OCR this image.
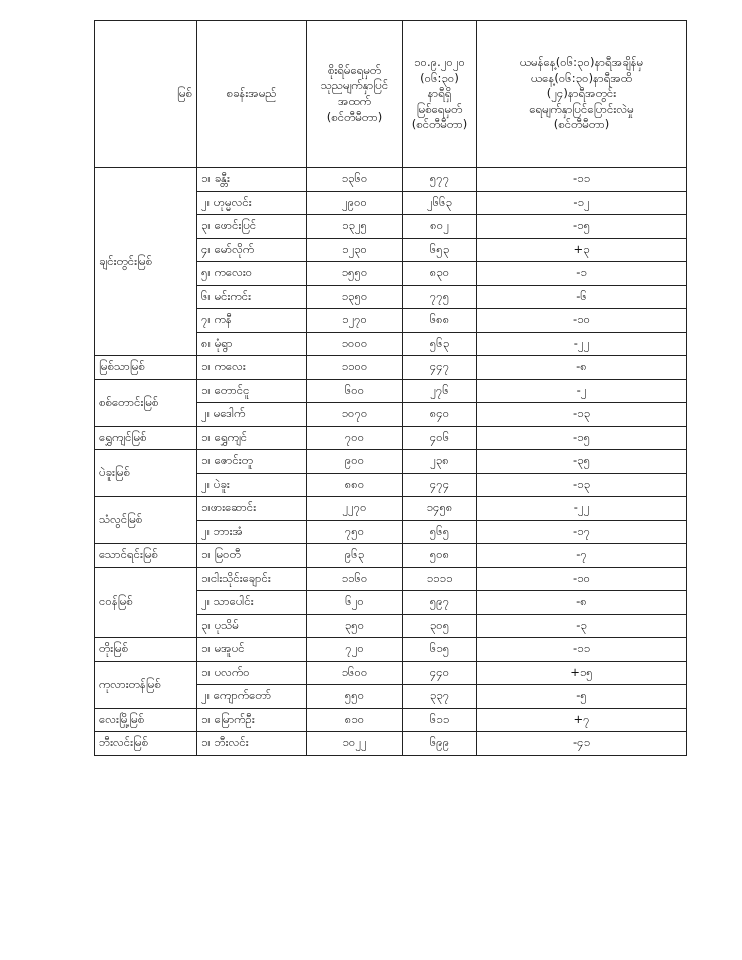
မြစ်	စခန်းအမည်	စိုးရိမ်ရေမှတ်
သုညမျက်နှာပြင်
အထက်
(စင်တီမီတာ)	၁၀.၉.၂၀၂၀
(၀၆:၃၀)
နာရီရှိ
မြစ်ရေမှတ်
(စင်တီမီတာ)	ယမန်နေ့(၀၆:၃၀)နာရီအချိန်မှ
ယနေ့(၀၆:၃၀)နာရီအထိ
(၂၄)နာရီအတွင်း
ရေမျက်နှာပြင်ပြောင်းလဲမှု
(စင်တီမီတာ)
ချင်းတွင်းမြစ်	၁။ ခန္တီး	၁၃၆၀	၅၇၇	-၁၁
	၂။ ဟုမ္မလင်း	၂၉၀၀	၂၆၆၃	-၁၂
	၃။ ဖောင်းပြင်	၁၃၂၅	၈၀၂	-၁၅
	၄။ မော်လိုက်	၁၂၃၀	၆၅၃	+၃
	၅။ ကလေးဝ	၁၅၅၀	၈၃၀	-၁
	၆။ မင်းကင်း	၁၃၅၀	၇၇၅	-၆
	၇။ ကနီ	၁၂၇၀	၆၈၈	-၁၀
	၈။ မုံရွာ	၁၀၀၀	၅၆၃	-၂၂
မြစ်သာမြစ်	၁။ ကလေး	၁၁၀၀	၄၄၇	-၈
စစ်တောင်းမြစ်	၁။ တောင်ငူ	၆၀၀	၂၇၆	-၂
	၂။ မဒေါက်	၁၀၇၀	၈၄၀	-၁၃
ရွှေကျင်မြစ်	၁။ ရွှေကျင်	၇၀၀	၄၀၆	-၁၅
ပဲခူးမြစ်	၁။ ဇောင်းတူ	၉၀၀	၂၃၈	-၃၅
	၂။ ပဲခူး	၈၈၀	၄၇၄	-၁၃
သံလွင်မြစ်	၁။ဖားဆောင်း	၂၂၇၀	၁၄၅၈	-၂၂
	၂။ ဘားအံ	၇၅၀	၅၆၅	-၁၇
သောင်ရင်းမြစ်	၁။ မြဝတီ	၉၆၃	၅၀၈	-၇
ငဝန်မြစ်	၁။ငါးသိုင်းချောင်း	၁၁၆၀	၁၁၁၁	-၁၀
	၂။ သာပေါင်း	၆၂၀	၅၉၇	-၈
	၃။ ပုသိမ်	၃၅၀	၃၀၅	-၃
တိုးမြစ်	၁။ မအူပင်	၇၂၀	၆၁၅	-၁၁
ကုလားတန်မြစ်	၁။ ပလက်ဝ	၁၆၀၀	၄၄၀	+၁၅
	၂။ ကျောက်တော်	၅၅၀	၃၃၇	-၅
လေးမြို့မြစ်	၁။ မြောက်ဦး	၈၁၀	၆၁၁	+၇
ဘီးလင်းမြစ်	၁။ ဘီးလင်း	၁၀၂၂	၆၉၉	-၄၁
